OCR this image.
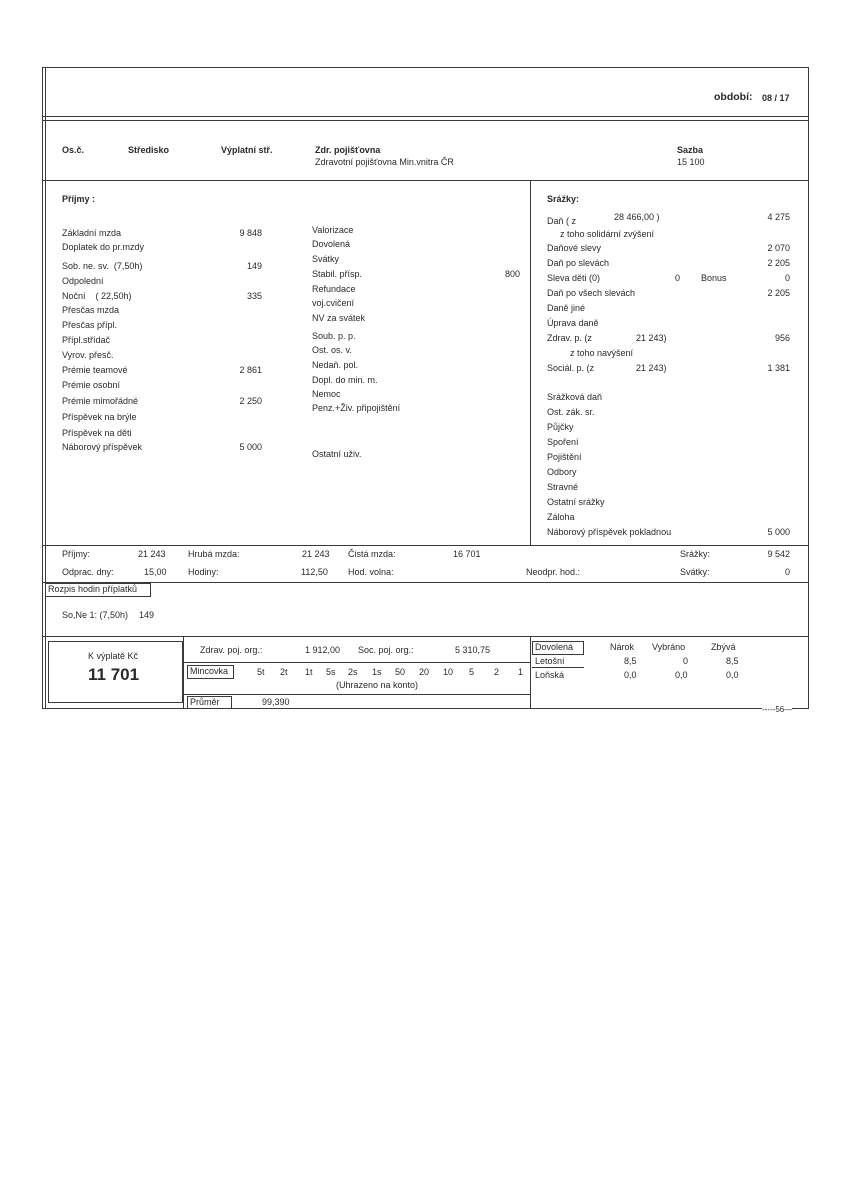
období: 08 / 17
Os.č.	Středisko	Výplatní stř.	Zdr. pojišťovna
Zdravotní pojišťovna Min.vnitra ČR
Sazba
15 100
Příjmy :
Základní mzda	9 848
Doplatek do pr.mzdy
Sob. ne. sv.  (7,50h)	149
Odpolední
Noční    ( 22,50h)	335
Přesčas mzda
Přesčas přípl.
Přípl.střídač
Vyrov. přesč.
Prémie teamové	2 861
Prémie osobní
Prémie mimořádné	2 250
Příspěvek na brýle
Příspěvek na děti
Náborový příspěvek	5 000
Valorizace
Dovolená
Svátky
Stabil. přísp.	800
Refundace
voj.cvičení
NV za svátek
Soub. p. p.
Ost. os. v.
Nedaň. pol.
Dopl. do min. m.
Nemoc
Penz.+Živ. připojištění
Ostatní uživ.
Srážky:
Daň ( z	28 466,00 )	4 275
z toho solidární zvýšení
Daňové slevy	2 070
Daň po slevách	2 205
Sleva děti (0)	0 Bonus	0
Daň po všech slevách	2 205
Daně jiné
Úprava daně
Zdrav. p. (z	21 243)	956
z toho navýšení
Sociál. p. (z	21 243)	1 381
Srážková daň
Ost. zák. sr.
Půjčky
Spoření
Pojištění
Odbory
Stravné
Ostatní srážky
Záloha
Náborový příspěvek pokladnou	5 000
Příjmy:	21 243 Hrubá mzda:	21 243 Čistá mzda:	16 701	Srážky:	9 542
Odprac. dny:	15,00 Hodiny:	112,50 Hod. volna:	Neodpr. hod.:	Svátky:	0
Rozpis hodin příplatků
So,Ne 1: (7,50h) 149
K výplatě Kč
11 701
Zdrav. poj. org.:	1 912,00 Soc. poj. org.:	5 310,75
Mincovka	5t 2t 1t 5s 2s 1s 50 20 10 5 2 1
(Uhrazeno na konto)
Průměr	99,390
Dovolená	Nárok Vybráno	Zbývá
Letošní	8,5	0	8,5
Loňská	0,0	0,0	0,0
-----56—
